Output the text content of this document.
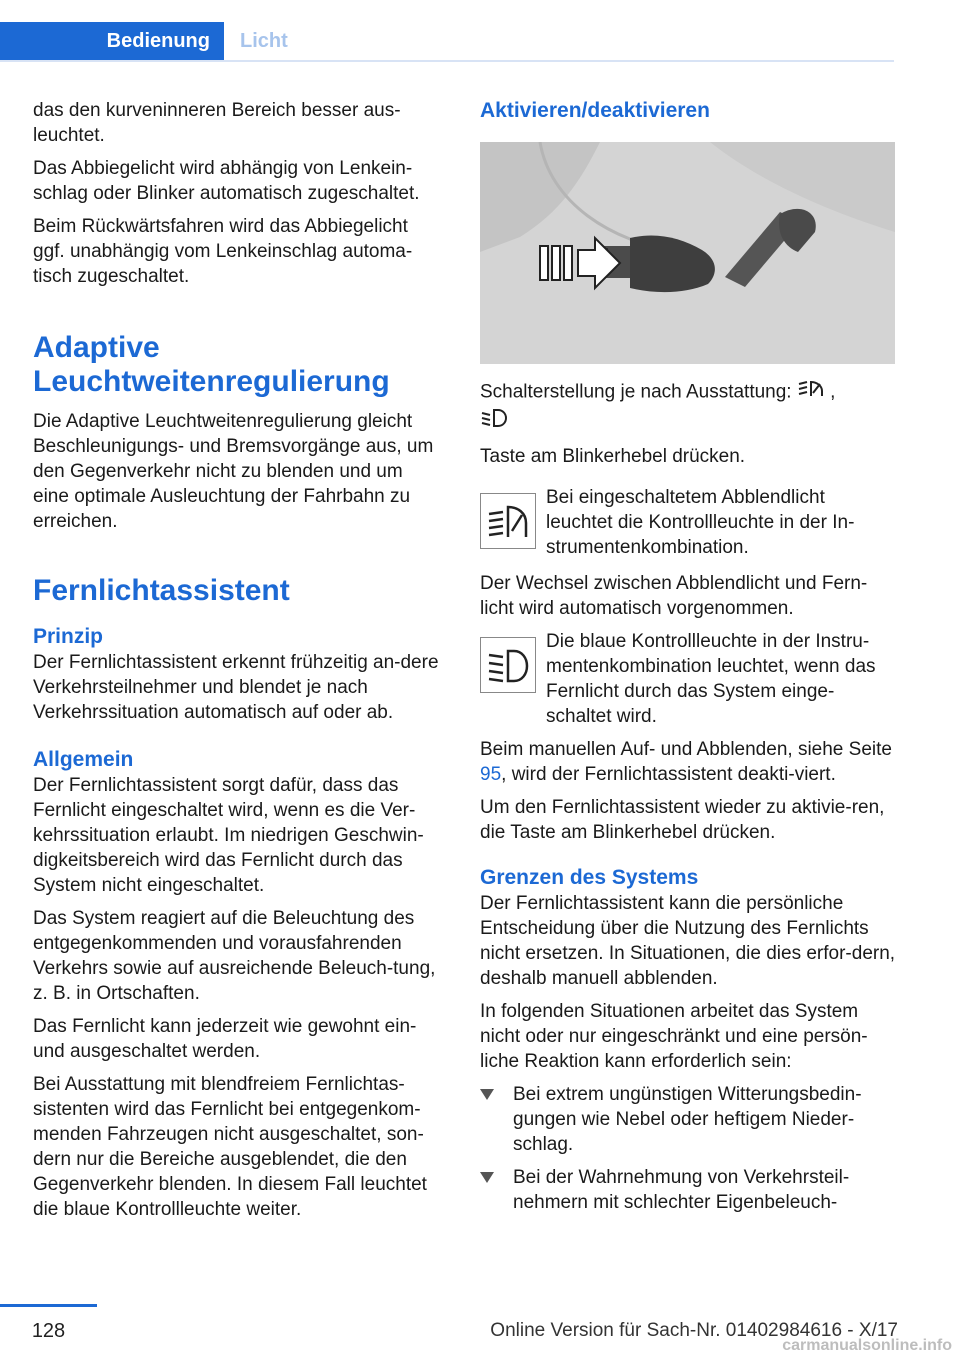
Bedienung	Licht

das den kurveninneren Bereich besser aus-leuchtet.

Das Abbiegelicht wird abhängig von Lenkein-schlag oder Blinker automatisch zugeschaltet.

Beim Rückwärtsfahren wird das Abbiegelicht ggf. unabhängig vom Lenkeinschlag automa-tisch zugeschaltet.

Adaptive Leuchtweitenregulierung

Die Adaptive Leuchtweitenregulierung gleicht Beschleunigungs- und Bremsvorgänge aus, um den Gegenverkehr nicht zu blenden und um eine optimale Ausleuchtung der Fahrbahn zu erreichen.

Fernlichtassistent
Prinzip

Der Fernlichtassistent erkennt frühzeitig an-dere Verkehrsteilnehmer und blendet je nach Verkehrssituation automatisch auf oder ab.

Allgemein

Der Fernlichtassistent sorgt dafür, dass das Fernlicht eingeschaltet wird, wenn es die Ver-kehrssituation erlaubt. Im niedrigen Geschwin-digkeitsbereich wird das Fernlicht durch das System nicht eingeschaltet.

Das System reagiert auf die Beleuchtung des entgegenkommenden und vorausfahrenden Verkehrs sowie auf ausreichende Beleuch-tung, z. B. in Ortschaften.

Das Fernlicht kann jederzeit wie gewohnt ein- und ausgeschaltet werden.

Bei Ausstattung mit blendfreiem Fernlichtas-sistenten wird das Fernlicht bei entgegenkom-menden Fahrzeugen nicht ausgeschaltet, son-dern nur die Bereiche ausgeblendet, die den Gegenverkehr blenden. In diesem Fall leuchtet die blaue Kontrollleuchte weiter.

Aktivieren/deaktivieren

Schalterstellung je nach Ausstattung: ,

Taste am Blinkerhebel drücken.

Bei eingeschaltetem Abblendlicht leuchtet die Kontrollleuchte in der In-strumentenkombination.

Der Wechsel zwischen Abblendlicht und Fern-licht wird automatisch vorgenommen.

Die blaue Kontrollleuchte in der Instru-mentenkombination leuchtet, wenn das Fernlicht durch das System einge-schaltet wird.

Beim manuellen Auf- und Abblenden, siehe Seite 95, wird der Fernlichtassistent deakti-viert.

Um den Fernlichtassistent wieder zu aktivie-ren, die Taste am Blinkerhebel drücken.

Grenzen des Systems

Der Fernlichtassistent kann die persönliche Entscheidung über die Nutzung des Fernlichts nicht ersetzen. In Situationen, die dies erfor-dern, deshalb manuell abblenden.

In folgenden Situationen arbeitet das System nicht oder nur eingeschränkt und eine persön-liche Reaktion kann erforderlich sein:

Bei extrem ungünstigen Witterungsbedin-gungen wie Nebel oder heftigem Nieder-schlag.
Bei der Wahrnehmung von Verkehrsteil-nehmern mit schlechter Eigenbeleuch-
128	Online Version für Sach-Nr. 01402984616 - X/17
carmanualsonline.info
